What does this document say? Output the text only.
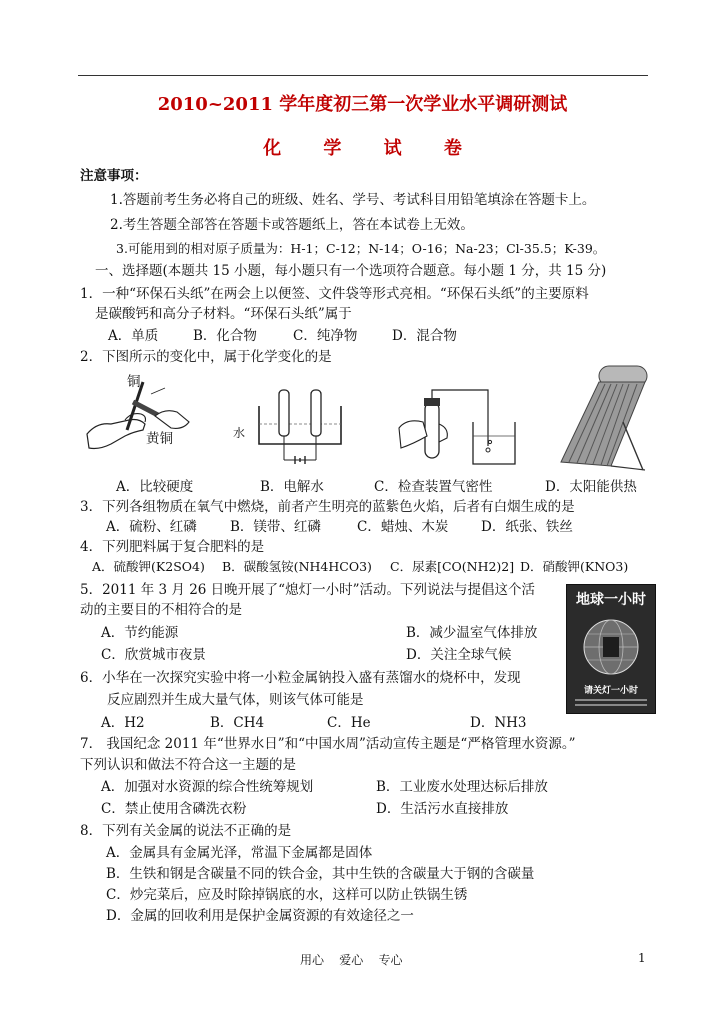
2010~2011 学年度初三第一次学业水平调研测试
化 学 试 卷
注意事项：
1.答题前考生务必将自己的班级、姓名、学号、考试科目用铅笔填涂在答题卡上。
2.考生答题全部答在答题卡或答题纸上，答在本试卷上无效。
3.可能用到的相对原子质量为：H-1；C-12；N-14；O-16；Na-23；Cl-35.5；K-39。
一、选择题(本题共 15 小题，每小题只有一个选项符合题意。每小题 1 分，共 15 分)
1．一种“环保石头纸”在两会上以便签、文件袋等形式亮相。“环保石头纸”的主要原料
是碳酸钙和高分子材料。“环保石头纸”属于
A．单质	B．化合物	C．纯净物	D．混合物
2．下图所示的变化中，属于化学变化的是
铜
黄铜	水
A．比较硬度	B．电解水	C．检查装置气密性	D．太阳能供热
3．下列各组物质在氧气中燃烧，前者产生明亮的蓝紫色火焰，后者有白烟生成的是
A．硫粉、红磷 B．镁带、红磷	C．蜡烛、木炭 D．纸张、铁丝
4．下列肥料属于复合肥料的是
A．硫酸钾(K2SO4) B．碳酸氢铵(NH4HCO3) C．尿素[CO(NH2)2] D．硝酸钾(KNO3)
5．2011 年 3 月 26 日晚开展了“熄灯一小时”活动。下列说法与提倡这个活
动的主要目的不相符合的是
A．节约能源	B．减少温室气体排放
C．欣赏城市夜景	D．关注全球气候
地球一小时
请关灯一小时
6．小华在一次探究实验中将一小粒金属钠投入盛有蒸馏水的烧杯中，发现
反应剧烈并生成大量气体，则该气体可能是
A．H2	B．CH4	C．He	D．NH3
7． 我国纪念 2011 年“世界水日”和“中国水周”活动宣传主题是“严格管理水资源。”
下列认识和做法不符合这一主题的是
A．加强对水资源的综合性统筹规划	B．工业废水处理达标后排放
C．禁止使用含磷洗衣粉	D．生活污水直接排放
8．下列有关金属的说法不正确的是
A．金属具有金属光泽，常温下金属都是固体
B．生铁和钢是含碳量不同的铁合金，其中生铁的含碳量大于钢的含碳量
C．炒完菜后，应及时除掉锅底的水，这样可以防止铁锅生锈
D．金属的回收利用是保护金属资源的有效途径之一
用心    爱心    专心	1
